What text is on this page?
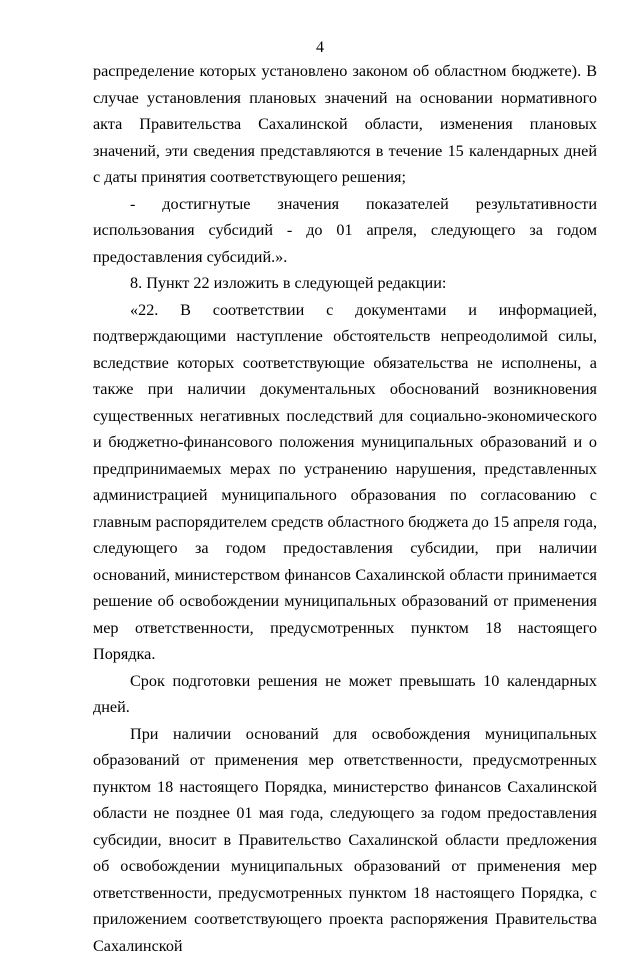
4

распределение которых установлено законом об областном бюджете). В случае установления плановых значений на основании нормативного акта Правительства Сахалинской области, изменения плановых значений, эти сведения представляются в течение 15 календарных дней с даты принятия соответствующего решения;

- достигнутые значения показателей результативности использования субсидий - до 01 апреля, следующего за годом предоставления субсидий.».

8. Пункт 22 изложить в следующей редакции:

«22. В соответствии с документами и информацией, подтверждающими наступление обстоятельств непреодолимой силы, вследствие которых соответствующие обязательства не исполнены, а также при наличии документальных обоснований возникновения существенных негативных последствий для социально-экономического и бюджетно-финансового положения муниципальных образований и о предпринимаемых мерах по устранению нарушения, представленных администрацией муниципального образования по согласованию с главным распорядителем средств областного бюджета до 15 апреля года, следующего за годом предоставления субсидии, при наличии оснований, министерством финансов Сахалинской области принимается решение об освобождении муниципальных образований от применения мер ответственности, предусмотренных пунктом 18 настоящего Порядка.

Срок подготовки решения не может превышать 10 календарных дней.

При наличии оснований для освобождения муниципальных образований от применения мер ответственности, предусмотренных пунктом 18 настоящего Порядка, министерство финансов Сахалинской области не позднее 01 мая года, следующего за годом предоставления субсидии, вносит в Правительство Сахалинской области предложения об освобождении муниципальных образований от применения мер ответственности, предусмотренных пунктом 18 настоящего Порядка, с приложением соответствующего проекта распоряжения Правительства Сахалинской
